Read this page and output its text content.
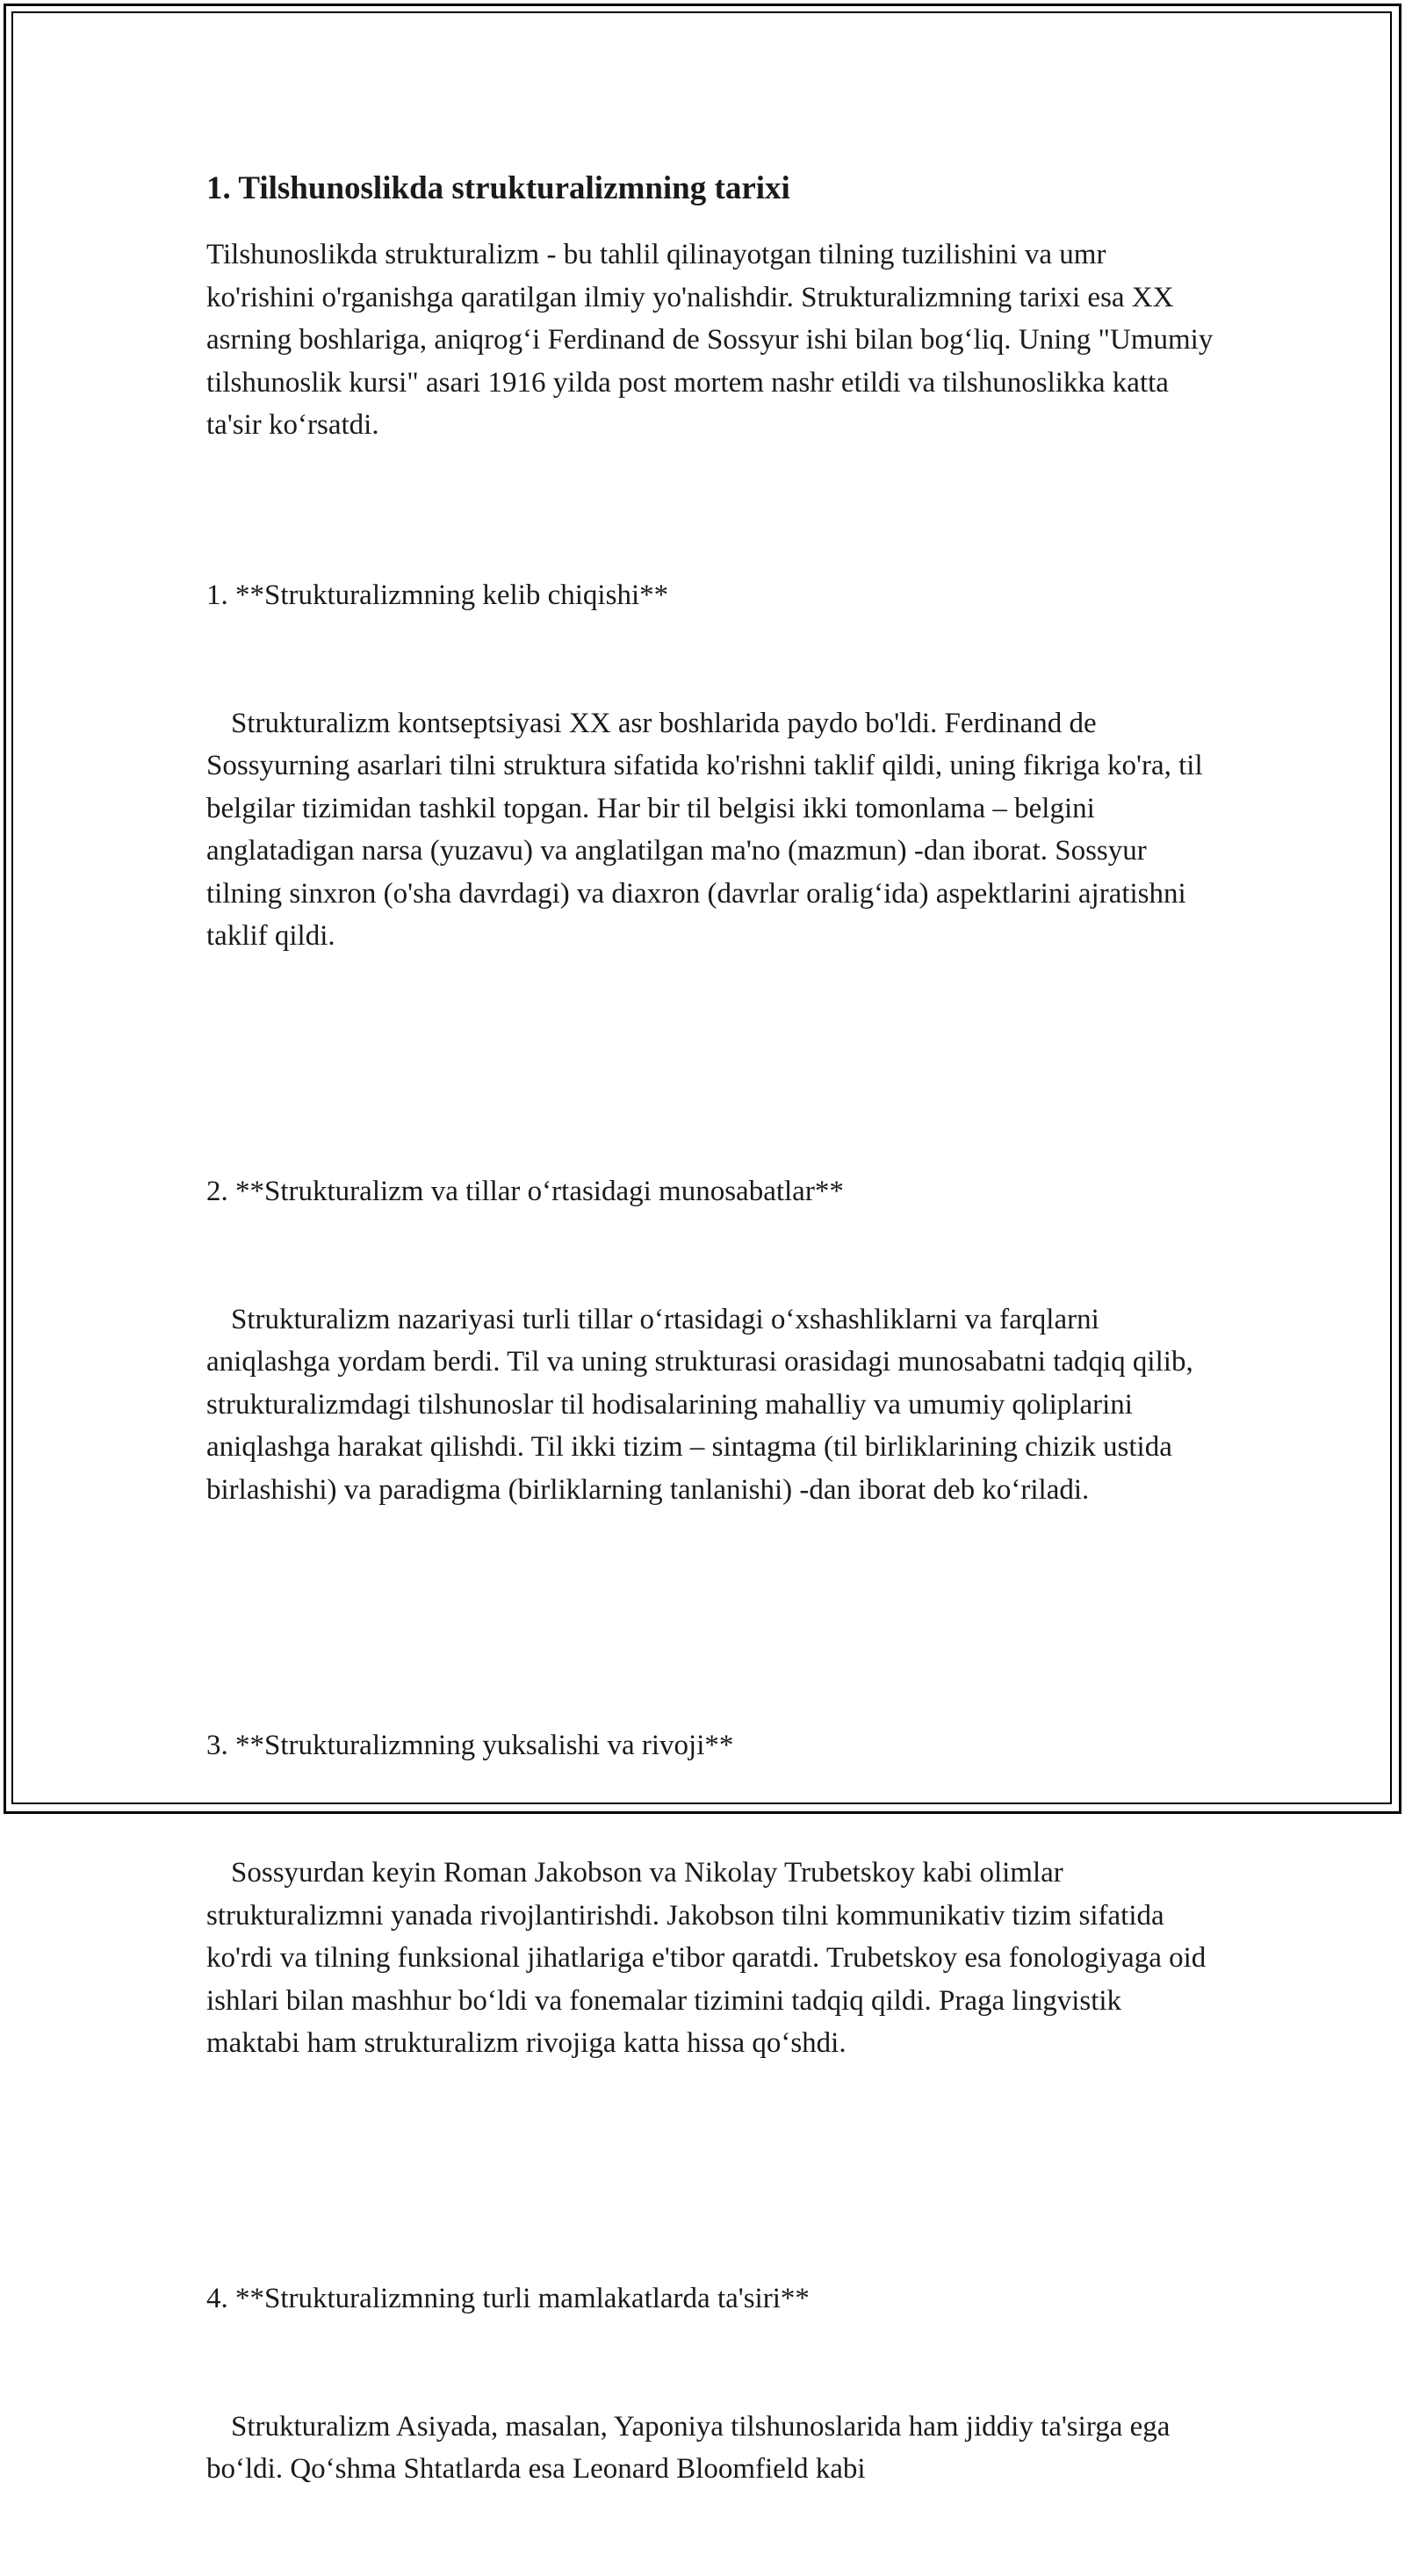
1. Tilshunoslikda strukturalizmning tarixi

Tilshunoslikda strukturalizm - bu tahlil qilinayotgan tilning tuzilishini va umr ko'rishini o'rganishga qaratilgan ilmiy yo'nalishdir. Strukturalizmning tarixi esa XX asrning boshlariga, aniqrog‘i Ferdinand de Sossyur ishi bilan bog‘liq. Uning "Umumiy tilshunoslik kursi" asari 1916 yilda post mortem nashr etildi va tilshunoslikka katta ta'sir ko‘rsatdi.

1. **Strukturalizmning kelib chiqishi**

Strukturalizm kontseptsiyasi XX asr boshlarida paydo bo'ldi. Ferdinand de Sossyurning asarlari tilni struktura sifatida ko'rishni taklif qildi, uning fikriga ko'ra, til belgilar tizimidan tashkil topgan. Har bir til belgisi ikki tomonlama – belgini anglatadigan narsa (yuzavu) va anglatilgan ma'no (mazmun) -dan iborat. Sossyur tilning sinxron (o'sha davrdagi) va diaxron (davrlar oralig‘ida) aspektlarini ajratishni taklif qildi.

2. **Strukturalizm va tillar o‘rtasidagi munosabatlar**

Strukturalizm nazariyasi turli tillar o‘rtasidagi o‘xshashliklarni va farqlarni aniqlashga yordam berdi. Til va uning strukturasi orasidagi munosabatni tadqiq qilib, strukturalizmdagi tilshunoslar til hodisalarining mahalliy va umumiy qoliplarini aniqlashga harakat qilishdi. Til ikki tizim – sintagma (til birliklarining chizik ustida birlashishi) va paradigma (birliklarning tanlanishi) -dan iborat deb ko‘riladi.

3. **Strukturalizmning yuksalishi va rivoji**

Sossyurdan keyin Roman Jakobson va Nikolay Trubetskoy kabi olimlar strukturalizmni yanada rivojlantirishdi. Jakobson tilni kommunikativ tizim sifatida ko'rdi va tilning funksional jihatlariga e'tibor qaratdi. Trubetskoy esa fonologiyaga oid ishlari bilan mashhur bo‘ldi va fonemalar tizimini tadqiq qildi. Praga lingvistik maktabi ham strukturalizm rivojiga katta hissa qo‘shdi.

4. **Strukturalizmning turli mamlakatlarda ta'siri**

Strukturalizm Asiyada, masalan, Yaponiya tilshunoslarida ham jiddiy ta'sirga ega bo‘ldi. Qo‘shma Shtatlarda esa Leonard Bloomfield kabi
